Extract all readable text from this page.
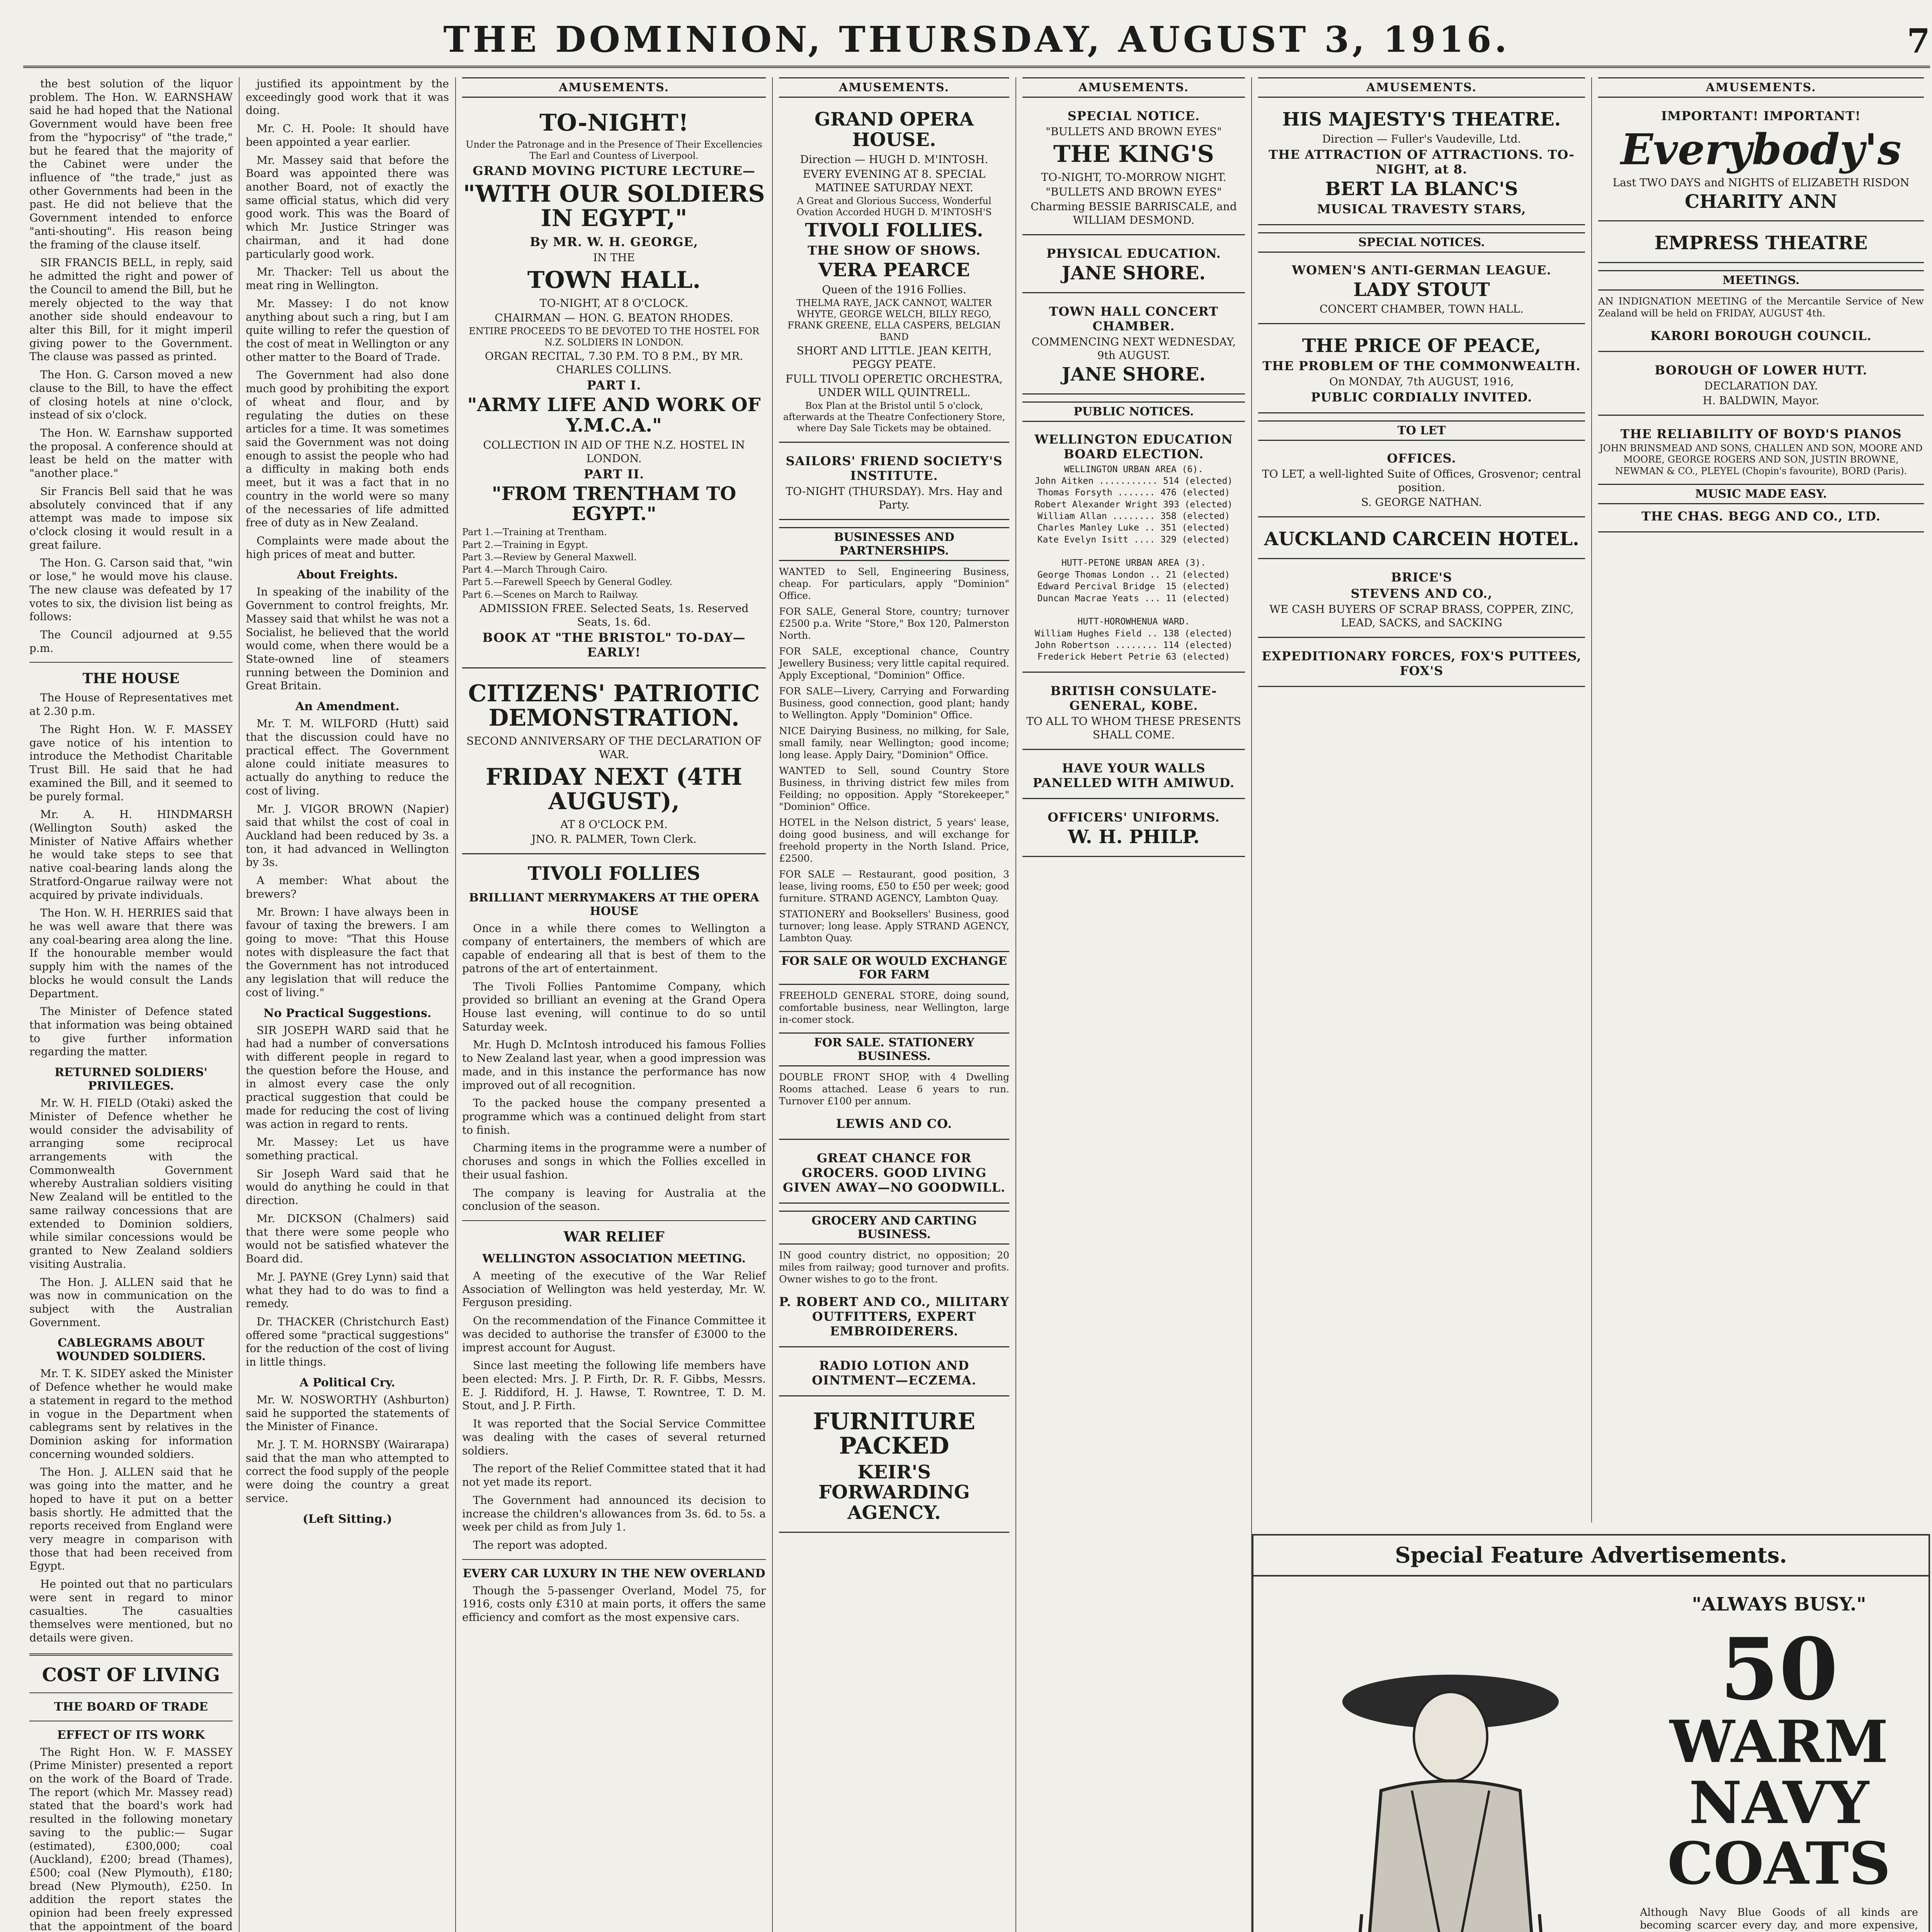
THE DOMINION, THURSDAY, AUGUST 3, 1916.	7

the best solution of the liquor problem. The Hon. W. EARNSHAW said he had hoped that the National Government would have been free from the "hypocrisy" of "the trade," but he feared that the majority of the Cabinet were under the influence of "the trade," just as other Governments had been in the past. He did not believe that the Government intended to enforce "anti-shouting". His reason being the framing of the clause itself.

SIR FRANCIS BELL, in reply, said he admitted the right and power of the Council to amend the Bill, but he merely objected to the way that another side should endeavour to alter this Bill, for it might imperil giving power to the Government. The clause was passed as printed.

The Hon. G. Carson moved a new clause to the Bill, to have the effect of closing hotels at nine o'clock, instead of six o'clock.

The Hon. W. Earnshaw supported the proposal. A conference should at least be held on the matter with "another place."

Sir Francis Bell said that he was absolutely convinced that if any attempt was made to impose six o'clock closing it would result in a great failure.

The Hon. G. Carson said that, "win or lose," he would move his clause. The new clause was defeated by 17 votes to six, the division list being as follows:

The Council adjourned at 9.55 p.m.

THE HOUSE

The House of Representatives met at 2.30 p.m.

The Right Hon. W. F. MASSEY gave notice of his intention to introduce the Methodist Charitable Trust Bill. He said that he had examined the Bill, and it seemed to be purely formal.

Mr. A. H. HINDMARSH (Wellington South) asked the Minister of Native Affairs whether he would take steps to see that native coal-bearing lands along the Stratford-Ongarue railway were not acquired by private individuals.

The Hon. W. H. HERRIES said that he was well aware that there was any coal-bearing area along the line. If the honourable member would supply him with the names of the blocks he would consult the Lands Department.

The Minister of Defence stated that information was being obtained to give further information regarding the matter.

RETURNED SOLDIERS' PRIVILEGES.

Mr. W. H. FIELD (Otaki) asked the Minister of Defence whether he would consider the advisability of arranging some reciprocal arrangements with the Commonwealth Government whereby Australian soldiers visiting New Zealand will be entitled to the same railway concessions that are extended to Dominion soldiers, while similar concessions would be granted to New Zealand soldiers visiting Australia.

The Hon. J. ALLEN said that he was now in communication on the subject with the Australian Government.

CABLEGRAMS ABOUT WOUNDED SOLDIERS.

Mr. T. K. SIDEY asked the Minister of Defence whether he would make a statement in regard to the method in vogue in the Department when cablegrams sent by relatives in the Dominion asking for information concerning wounded soldiers.

The Hon. J. ALLEN said that he was going into the matter, and he hoped to have it put on a better basis shortly. He admitted that the reports received from England were very meagre in comparison with those that had been received from Egypt.

He pointed out that no particulars were sent in regard to minor casualties. The casualties themselves were mentioned, but no details were given.

COST OF LIVING
THE BOARD OF TRADE
EFFECT OF ITS WORK

The Right Hon. W. F. MASSEY (Prime Minister) presented a report on the work of the Board of Trade. The report (which Mr. Massey read) stated that the board's work had resulted in the following monetary saving to the public:— Sugar (estimated), £300,000; coal (Auckland), £200; bread (Thames), £500; coal (New Plymouth), £180; bread (New Plymouth), £250. In addition the report states the opinion had been freely expressed that the appointment of the board

justified its appointment by the exceedingly good work that it was doing.

Mr. C. H. Poole: It should have been appointed a year earlier.

Mr. Massey said that before the Board was appointed there was another Board, not of exactly the same official status, which did very good work. This was the Board of which Mr. Justice Stringer was chairman, and it had done particularly good work.

Mr. Thacker: Tell us about the meat ring in Wellington.

Mr. Massey: I do not know anything about such a ring, but I am quite willing to refer the question of the cost of meat in Wellington or any other matter to the Board of Trade.

The Government had also done much good by prohibiting the export of wheat and flour, and by regulating the duties on these articles for a time. It was sometimes said the Government was not doing enough to assist the people who had a difficulty in making both ends meet, but it was a fact that in no country in the world were so many of the necessaries of life admitted free of duty as in New Zealand.

Complaints were made about the high prices of meat and butter.

About Freights.

In speaking of the inability of the Government to control freights, Mr. Massey said that whilst he was not a Socialist, he believed that the world would come, when there would be a State-owned line of steamers running between the Dominion and Great Britain.

An Amendment.

Mr. T. M. WILFORD (Hutt) said that the discussion could have no practical effect. The Government alone could initiate measures to actually do anything to reduce the cost of living.

Mr. J. VIGOR BROWN (Napier) said that whilst the cost of coal in Auckland had been reduced by 3s. a ton, it had advanced in Wellington by 3s.

A member: What about the brewers?

Mr. Brown: I have always been in favour of taxing the brewers. I am going to move: "That this House notes with displeasure the fact that the Government has not introduced any legislation that will reduce the cost of living."

No Practical Suggestions.

SIR JOSEPH WARD said that he had had a number of conversations with different people in regard to the question before the House, and in almost every case the only practical suggestion that could be made for reducing the cost of living was action in regard to rents.

Mr. Massey: Let us have something practical.

Sir Joseph Ward said that he would do anything he could in that direction.

Mr. DICKSON (Chalmers) said that there were some people who would not be satisfied whatever the Board did.

Mr. J. PAYNE (Grey Lynn) said that what they had to do was to find a remedy.

Dr. THACKER (Christchurch East) offered some "practical suggestions" for the reduction of the cost of living in little things.

A Political Cry.

Mr. W. NOSWORTHY (Ashburton) said he supported the statements of the Minister of Finance.

Mr. J. T. M. HORNSBY (Wairarapa) said that the man who attempted to correct the food supply of the people were doing the country a great service.

(Left Sitting.)
AMUSEMENTS.
TO-NIGHT!
Under the Patronage and in the Presence of Their Excellencies The Earl and Countess of Liverpool.
GRAND MOVING PICTURE LECTURE—
"WITH OUR SOLDIERS IN EGYPT,"
By MR. W. H. GEORGE,
IN THE
TOWN HALL.
TO-NIGHT, AT 8 O'CLOCK.
CHAIRMAN — HON. G. BEATON RHODES.
ENTIRE PROCEEDS TO BE DEVOTED TO THE HOSTEL FOR N.Z. SOLDIERS IN LONDON.
ORGAN RECITAL, 7.30 P.M. TO 8 P.M., BY MR. CHARLES COLLINS.
PART I.
"ARMY LIFE AND WORK OF Y.M.C.A."
COLLECTION IN AID OF THE N.Z. HOSTEL IN LONDON.
PART II.
"FROM TRENTHAM TO EGYPT."
Part 1.—Training at Trentham.
Part 2.—Training in Egypt.
Part 3.—Review by General Maxwell.
Part 4.—March Through Cairo.
Part 5.—Farewell Speech by General Godley.
Part 6.—Scenes on March to Railway.
ADMISSION FREE. Selected Seats, 1s. Reserved Seats, 1s. 6d.
BOOK AT "THE BRISTOL" TO-DAY—EARLY!
CITIZENS' PATRIOTIC DEMONSTRATION.
SECOND ANNIVERSARY OF THE DECLARATION OF WAR.
FRIDAY NEXT (4TH AUGUST),
AT 8 O'CLOCK P.M.
JNO. R. PALMER, Town Clerk.
TIVOLI FOLLIES
BRILLIANT MERRYMAKERS AT THE OPERA HOUSE

Once in a while there comes to Wellington a company of entertainers, the members of which are capable of endearing all that is best of them to the patrons of the art of entertainment.

The Tivoli Follies Pantomime Company, which provided so brilliant an evening at the Grand Opera House last evening, will continue to do so until Saturday week.

Mr. Hugh D. McIntosh introduced his famous Follies to New Zealand last year, when a good impression was made, and in this instance the performance has now improved out of all recognition.

To the packed house the company presented a programme which was a continued delight from start to finish.

Charming items in the programme were a number of choruses and songs in which the Follies excelled in their usual fashion.

The company is leaving for Australia at the conclusion of the season.

WAR RELIEF
WELLINGTON ASSOCIATION MEETING.

A meeting of the executive of the War Relief Association of Wellington was held yesterday, Mr. W. Ferguson presiding.

On the recommendation of the Finance Committee it was decided to authorise the transfer of £3000 to the imprest account for August.

Since last meeting the following life members have been elected: Mrs. J. P. Firth, Dr. R. F. Gibbs, Messrs. E. J. Riddiford, H. J. Hawse, T. Rowntree, T. D. M. Stout, and J. P. Firth.

It was reported that the Social Service Committee was dealing with the cases of several returned soldiers.

The report of the Relief Committee stated that it had not yet made its report.

The Government had announced its decision to increase the children's allowances from 3s. 6d. to 5s. a week per child as from July 1.

The report was adopted.

EVERY CAR LUXURY IN THE NEW OVERLAND

Though the 5-passenger Overland, Model 75, for 1916, costs only £310 at main ports, it offers the same efficiency and comfort as the most expensive cars.

AMUSEMENTS.
GRAND OPERA HOUSE.
Direction — HUGH D. M'INTOSH.
EVERY EVENING AT 8. SPECIAL MATINEE SATURDAY NEXT.
A Great and Glorious Success, Wonderful Ovation Accorded HUGH D. M'INTOSH'S
TIVOLI FOLLIES.
THE SHOW OF SHOWS.
VERA PEARCE
Queen of the 1916 Follies.
THELMA RAYE, JACK CANNOT, WALTER WHYTE, GEORGE WELCH, BILLY REGO, FRANK GREENE, ELLA CASPERS, BELGIAN BAND
SHORT AND LITTLE. JEAN KEITH, PEGGY PEATE.
FULL TIVOLI OPERETIC ORCHESTRA, UNDER WILL QUINTRELL.
Box Plan at the Bristol until 5 o'clock, afterwards at the Theatre Confectionery Store, where Day Sale Tickets may be obtained.
SAILORS' FRIEND SOCIETY'S INSTITUTE.
TO-NIGHT (THURSDAY). Mrs. Hay and Party.
BUSINESSES AND PARTNERSHIPS.
WANTED to Sell, Engineering Business, cheap. For particulars, apply "Dominion" Office.
FOR SALE, General Store, country; turnover £2500 p.a. Write "Store," Box 120, Palmerston North.
FOR SALE, exceptional chance, Country Jewellery Business; very little capital required. Apply Exceptional, "Dominion" Office.
FOR SALE—Livery, Carrying and Forwarding Business, good connection, good plant; handy to Wellington. Apply "Dominion" Office.
NICE Dairying Business, no milking, for Sale, small family, near Wellington; good income; long lease. Apply Dairy, "Dominion" Office.
WANTED to Sell, sound Country Store Business, in thriving district few miles from Feilding; no opposition. Apply "Storekeeper," "Dominion" Office.
HOTEL in the Nelson district, 5 years' lease, doing good business, and will exchange for freehold property in the North Island. Price, £2500.
FOR SALE — Restaurant, good position, 3 lease, living rooms, £50 to £50 per week; good furniture. STRAND AGENCY, Lambton Quay.
STATIONERY and Booksellers' Business, good turnover; long lease. Apply STRAND AGENCY, Lambton Quay.
FOR SALE OR WOULD EXCHANGE FOR FARM
FREEHOLD GENERAL STORE, doing sound, comfortable business, near Wellington, large in-comer stock.
FOR SALE. STATIONERY BUSINESS.
DOUBLE FRONT SHOP, with 4 Dwelling Rooms attached. Lease 6 years to run. Turnover £100 per annum.
LEWIS AND CO.
GREAT CHANCE FOR GROCERS. GOOD LIVING GIVEN AWAY—NO GOODWILL.
GROCERY AND CARTING BUSINESS.
IN good country district, no opposition; 20 miles from railway; good turnover and profits. Owner wishes to go to the front.
P. ROBERT AND CO., MILITARY OUTFITTERS, EXPERT EMBROIDERERS.
RADIO LOTION AND OINTMENT—ECZEMA.
FURNITURE PACKED
KEIR'S FORWARDING AGENCY.
AMUSEMENTS.
SPECIAL NOTICE.
"BULLETS AND BROWN EYES"
THE KING'S
TO-NIGHT, TO-MORROW NIGHT.
"BULLETS AND BROWN EYES"
Charming BESSIE BARRISCALE, and WILLIAM DESMOND.
PHYSICAL EDUCATION.
JANE SHORE.
TOWN HALL CONCERT CHAMBER.
COMMENCING NEXT WEDNESDAY, 9th AUGUST.
JANE SHORE.
PUBLIC NOTICES.
WELLINGTON EDUCATION BOARD ELECTION.
WELLINGTON URBAN AREA (6).
John Aitken ........... 514 (elected)
Thomas Forsyth ....... 476 (elected)
Robert Alexander Wright 393 (elected)
William Allan ........ 358 (elected)
Charles Manley Luke .. 351 (elected)
Kate Evelyn Isitt .... 329 (elected)

HUTT-PETONE URBAN AREA (3).
George Thomas London .. 21 (elected)
Edward Percival Bridge  15 (elected)
Duncan Macrae Yeats ... 11 (elected)

HUTT-HOROWHENUA WARD.
William Hughes Field .. 138 (elected)
John Robertson ........ 114 (elected)
Frederick Hebert Petrie 63 (elected)
BRITISH CONSULATE-GENERAL, KOBE.
TO ALL TO WHOM THESE PRESENTS SHALL COME.
HAVE YOUR WALLS PANELLED WITH AMIWUD.
OFFICERS' UNIFORMS.
W. H. PHILP.
AMUSEMENTS.
HIS MAJESTY'S THEATRE.
Direction — Fuller's Vaudeville, Ltd.
THE ATTRACTION OF ATTRACTIONS. TO-NIGHT, at 8.
BERT LA BLANC'S
MUSICAL TRAVESTY STARS,
SPECIAL NOTICES.
WOMEN'S ANTI-GERMAN LEAGUE.
LADY STOUT
CONCERT CHAMBER, TOWN HALL.
THE PRICE OF PEACE,
THE PROBLEM OF THE COMMONWEALTH.
On MONDAY, 7th AUGUST, 1916,
PUBLIC CORDIALLY INVITED.
TO LET
OFFICES.
TO LET, a well-lighted Suite of Offices, Grosvenor; central position.
S. GEORGE NATHAN.
AUCKLAND CARCEIN HOTEL.
BRICE'S
STEVENS AND CO.,
WE CASH BUYERS OF SCRAP BRASS, COPPER, ZINC, LEAD, SACKS, and SACKING
EXPEDITIONARY FORCES, FOX'S PUTTEES, FOX'S
AMUSEMENTS.
IMPORTANT! IMPORTANT!
Everybody's
Last TWO DAYS and NIGHTS of ELIZABETH RISDON
CHARITY ANN
EMPRESS THEATRE
MEETINGS.
AN INDIGNATION MEETING of the Mercantile Service of New Zealand will be held on FRIDAY, AUGUST 4th.
KARORI BOROUGH COUNCIL.
BOROUGH OF LOWER HUTT.
DECLARATION DAY.
H. BALDWIN, Mayor.
THE RELIABILITY OF BOYD'S PIANOS
JOHN BRINSMEAD AND SONS, CHALLEN AND SON, MOORE AND MOORE, GEORGE ROGERS AND SON, JUSTIN BROWNE, NEWMAN & CO., PLEYEL (Chopin's favourite), BORD (Paris).
MUSIC MADE EASY.
THE CHAS. BEGG AND CO., LTD.
Special Feature Advertisements.
"ALWAYS BUSY."
50
WARM
NAVY
COATS
Although Navy Blue Goods of all kinds are becoming scarcer every day, and more expensive,
